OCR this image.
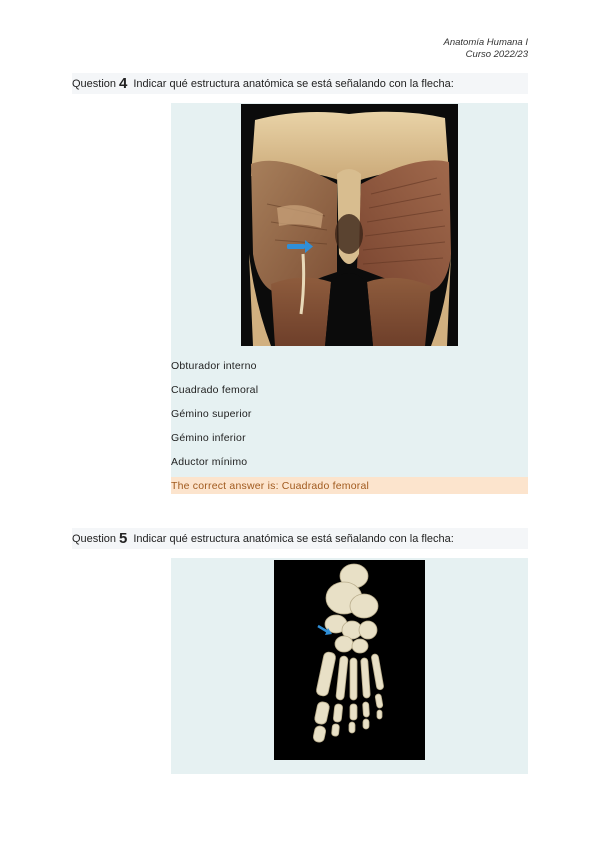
Anatomía Humana I
Curso 2022/23
Question 4 Indicar qué estructura anatómica se está señalando con la flecha:
Obturador interno
Cuadrado femoral
Gémino superior
Gémino inferior
Aductor mínimo
The correct answer is: Cuadrado femoral
Question 5 Indicar qué estructura anatómica se está señalando con la flecha:
